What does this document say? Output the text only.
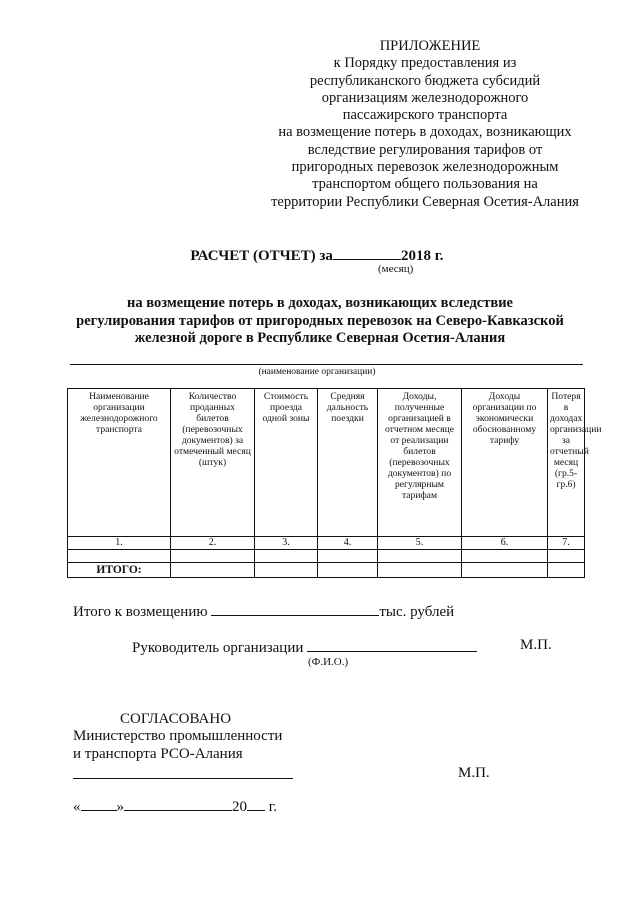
ПРИЛОЖЕНИЕ
к Порядку предоставления из
республиканского бюджета субсидий
организациям железнодорожного
пассажирского транспорта
на возмещение потерь в доходах, возникающих
вследствие регулирования тарифов от
пригородных перевозок железнодорожным
транспортом общего пользования на
территории Республики Северная Осетия-Алания
РАСЧЕТ (ОТЧЕТ) за	2018 г.
(месяц)
на возмещение потерь в доходах, возникающих вследствие
регулирования тарифов от пригородных перевозок на Северо-Кавказской
железной дороге в Республике Северная Осетия-Алания
(наименование организации)
Наименование организации железнодорожного транспорта	Количество проданных билетов (перевозочных документов) за отмеченный месяц (штук)	Стоимость проезда одной зоны	Средняя дальность поездки	Доходы, полученные организацией в отчетном месяце от реализации билетов (перевозочных документов) по регулярным тарифам	Доходы организации по экономически обоснованному тарифу	Потеря в доходах организации за отчетный месяц (гр.5-гр.6)
1.	2.	3.	4.	5.	6.	7.

ИТОГО:						
Итого к возмещению	тыс. рублей
Руководитель организации	М.П.
(Ф.И.О.)
СОГЛАСОВАНО
Министерство промышленности
и транспорта РСО-Алания
М.П.
« »	20 г.
